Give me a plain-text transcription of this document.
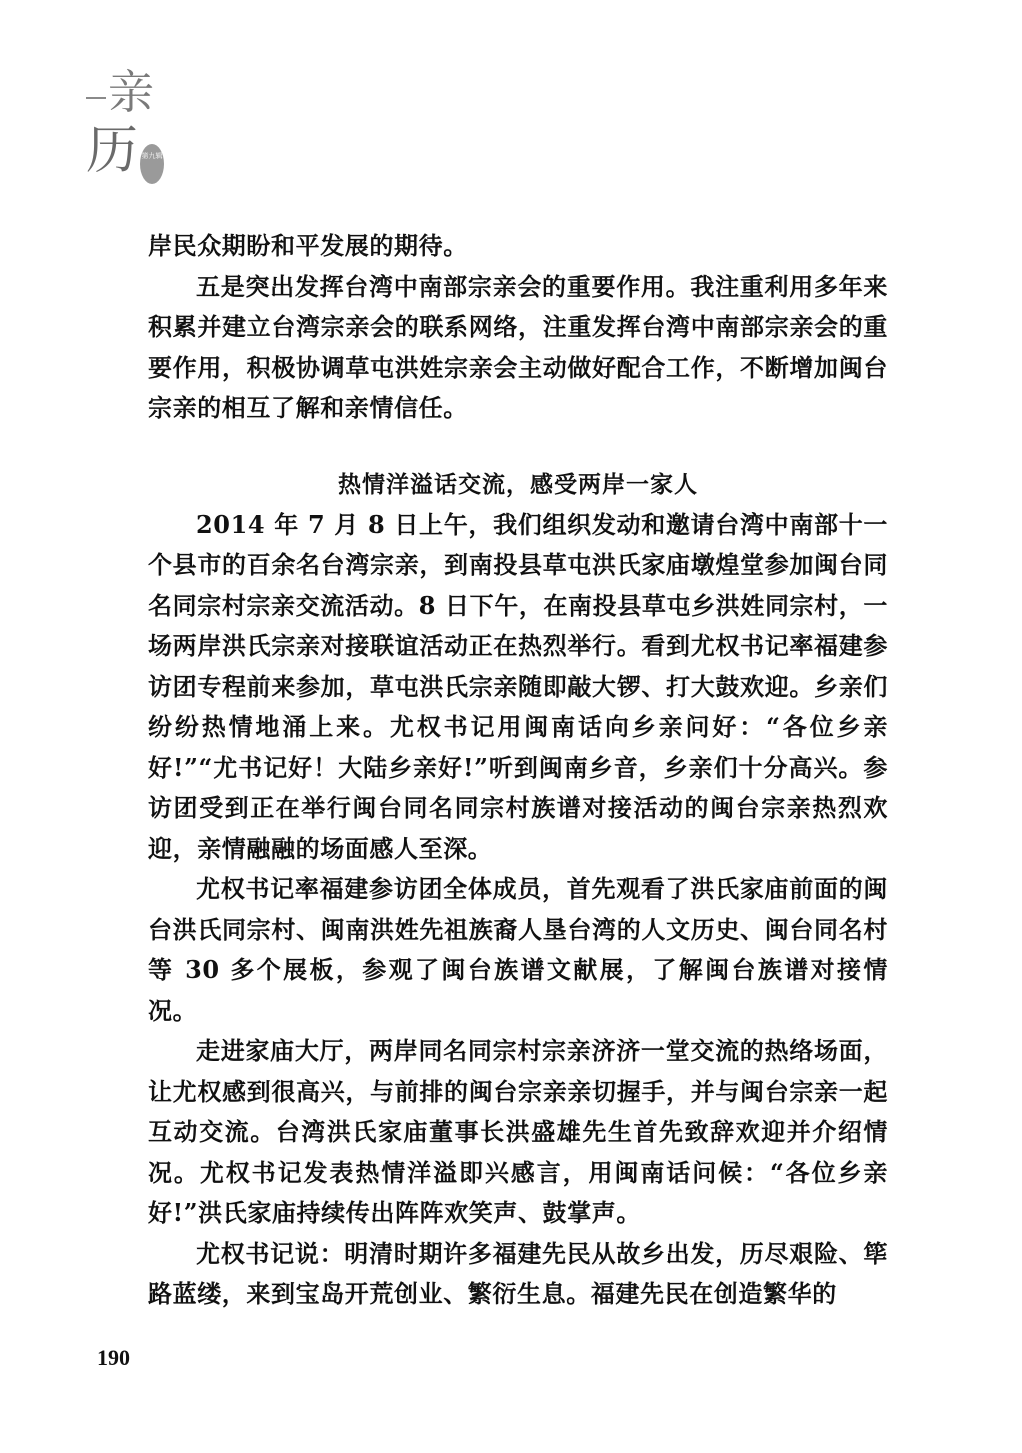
亲
历 第九辑

岸民众期盼和平发展的期待。

五是突出发挥台湾中南部宗亲会的重要作用。我注重利用多年来积累并建立台湾宗亲会的联系网络，注重发挥台湾中南部宗亲会的重要作用，积极协调草屯洪姓宗亲会主动做好配合工作，不断增加闽台宗亲的相互了解和亲情信任。

热情洋溢话交流，感受两岸一家人

2014 年 7 月 8 日上午，我们组织发动和邀请台湾中南部十一个县市的百余名台湾宗亲，到南投县草屯洪氏家庙墩煌堂参加闽台同名同宗村宗亲交流活动。8 日下午，在南投县草屯乡洪姓同宗村，一场两岸洪氏宗亲对接联谊活动正在热烈举行。看到尤权书记率福建参访团专程前来参加，草屯洪氏宗亲随即敲大锣、打大鼓欢迎。乡亲们纷纷热情地涌上来。尤权书记用闽南话向乡亲问好：“各位乡亲好!”“尤书记好！大陆乡亲好!”听到闽南乡音，乡亲们十分高兴。参访团受到正在举行闽台同名同宗村族谱对接活动的闽台宗亲热烈欢迎，亲情融融的场面感人至深。

尤权书记率福建参访团全体成员，首先观看了洪氏家庙前面的闽台洪氏同宗村、闽南洪姓先祖族裔人垦台湾的人文历史、闽台同名村等 30 多个展板，参观了闽台族谱文献展，了解闽台族谱对接情况。

走进家庙大厅，两岸同名同宗村宗亲济济一堂交流的热络场面，让尤权感到很高兴，与前排的闽台宗亲亲切握手，并与闽台宗亲一起互动交流。台湾洪氏家庙董事长洪盛雄先生首先致辞欢迎并介绍情况。尤权书记发表热情洋溢即兴感言，用闽南话问候：“各位乡亲好!”洪氏家庙持续传出阵阵欢笑声、鼓掌声。

尤权书记说：明清时期许多福建先民从故乡出发，历尽艰险、筚路蓝缕，来到宝岛开荒创业、繁衍生息。福建先民在创造繁华的

190
